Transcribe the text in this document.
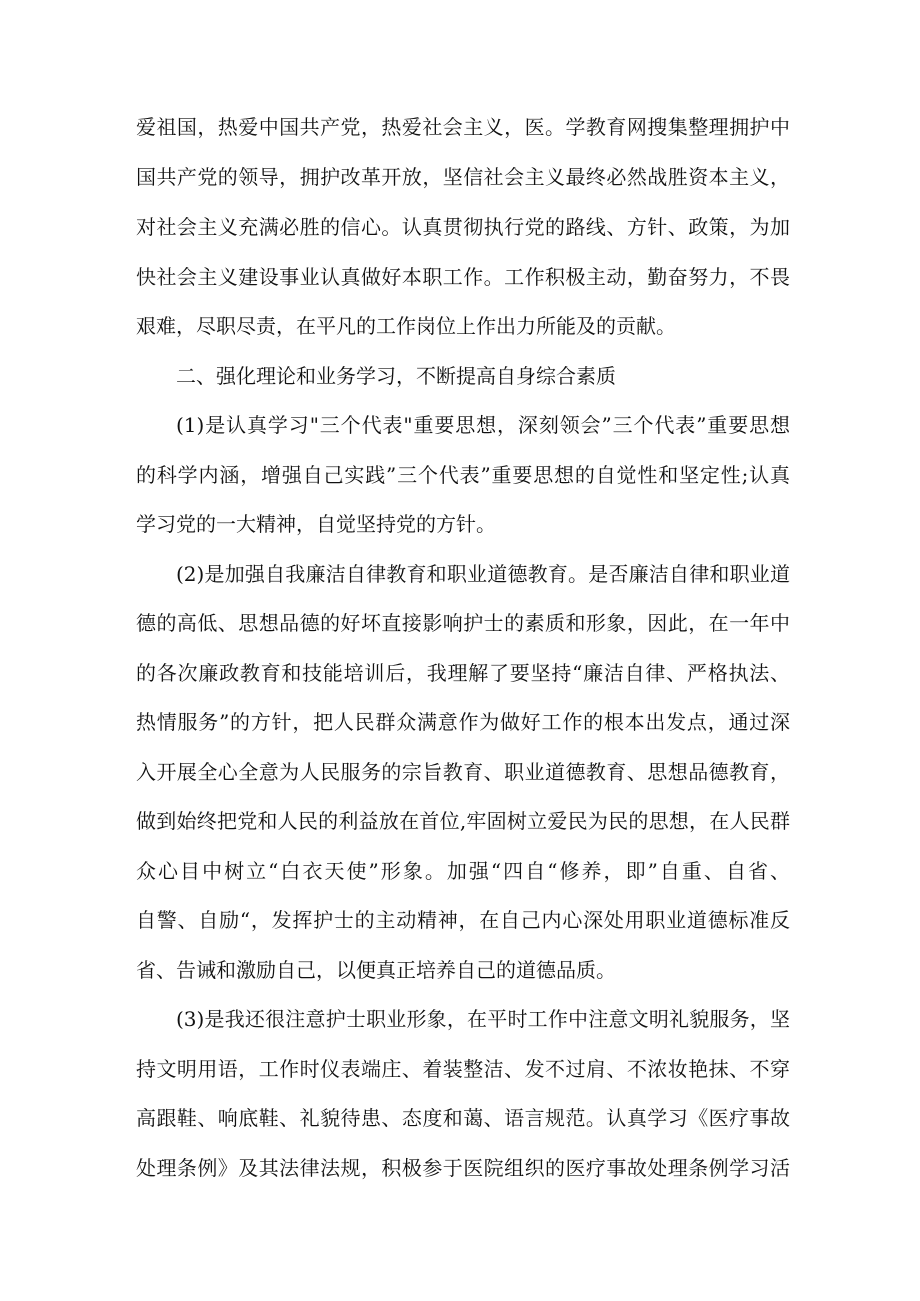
爱祖国，热爱中国共产党，热爱社会主义，医。学教育网搜集整理拥护中
国共产党的领导，拥护改革开放，坚信社会主义最终必然战胜资本主义，
对社会主义充满必胜的信心。认真贯彻执行党的路线、方针、政策，为加
快社会主义建设事业认真做好本职工作。工作积极主动，勤奋努力，不畏
艰难，尽职尽责，在平凡的工作岗位上作出力所能及的贡献。
二、强化理论和业务学习，不断提高自身综合素质
(1)是认真学习"三个代表"重要思想，深刻领会”三个代表”重要思想
的科学内涵，增强自己实践”三个代表”重要思想的自觉性和坚定性;认真
学习党的一大精神，自觉坚持党的方针。
(2)是加强自我廉洁自律教育和职业道德教育。是否廉洁自律和职业道
德的高低、思想品德的好坏直接影响护士的素质和形象，因此，在一年中
的各次廉政教育和技能培训后，我理解了要坚持“廉洁自律、严格执法、
热情服务”的方针，把人民群众满意作为做好工作的根本出发点，通过深
入开展全心全意为人民服务的宗旨教育、职业道德教育、思想品德教育，
做到始终把党和人民的利益放在首位,牢固树立爱民为民的思想，在人民群
众心目中树立“白衣天使”形象。加强“四自“修养，即”自重、自省、
自警、自励“，发挥护士的主动精神，在自己内心深处用职业道德标准反
省、告诫和激励自己，以便真正培养自己的道德品质。
(3)是我还很注意护士职业形象，在平时工作中注意文明礼貌服务，坚
持文明用语，工作时仪表端庄、着装整洁、发不过肩、不浓妆艳抹、不穿
高跟鞋、响底鞋、礼貌待患、态度和蔼、语言规范。认真学习《医疗事故
处理条例》及其法律法规，积极参于医院组织的医疗事故处理条例学习活
